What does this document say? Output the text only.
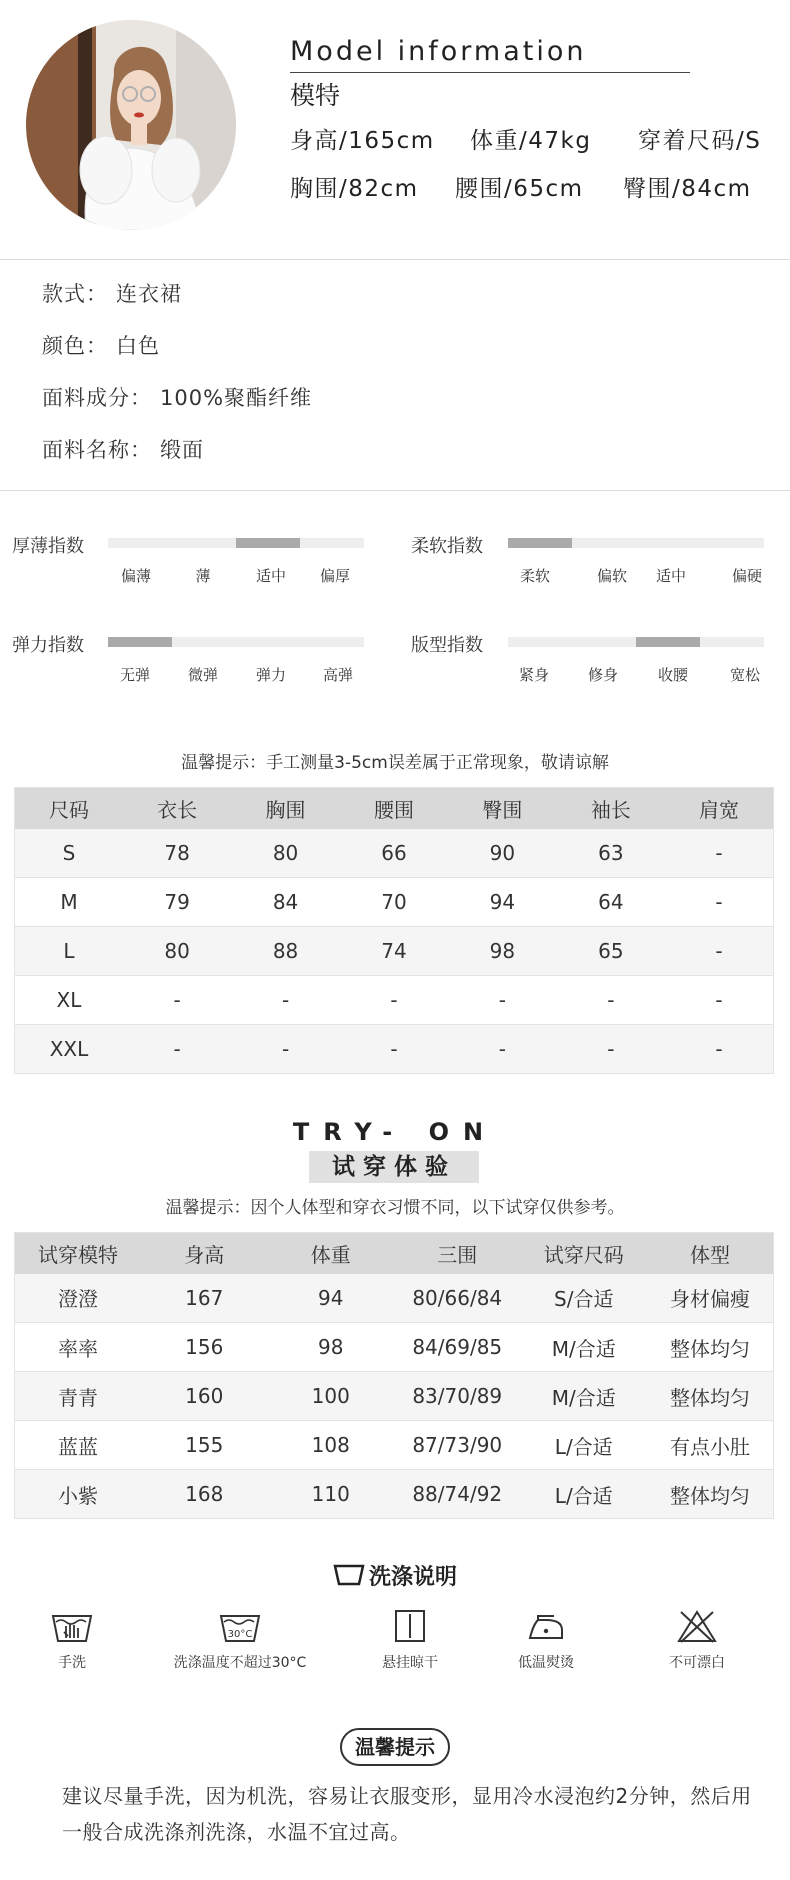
Model information
模特
身高/165cm 体重/47kg 穿着尺码/S
胸围/82cm 腰围/65cm 臀围/84cm
款式： 连衣裙
颜色： 白色
面料成分： 100%聚酯纤维
面料名称： 缎面
厚薄指数
偏薄	薄	适中	偏厚
柔软指数
柔软	偏软	适中	偏硬
弹力指数
无弹	微弹	弹力	高弹
版型指数
紧身	修身	收腰	宽松
温馨提示：手工测量3-5cm误差属于正常现象，敬请谅解
尺码	衣长	胸围	腰围	臀围	袖长	肩宽
S	78	80	66	90	63	-
M	79	84	70	94	64	-
L	80	88	74	98	65	-
XL	-	-	-	-	-	-
XXL	-	-	-	-	-	-
TRY- ON
试穿体验
温馨提示：因个人体型和穿衣习惯不同，以下试穿仅供参考。
试穿模特	身高	体重	三围	试穿尺码	体型
澄澄	167	94	80/66/84	S/合适	身材偏瘦
率率	156	98	84/69/85	M/合适	整体均匀
青青	160	100	83/70/89	M/合适	整体均匀
蓝蓝	155	108	87/73/90	L/合适	有点小肚
小紫	168	110	88/74/92	L/合适	整体均匀
洗涤说明
手洗
30°C
洗涤温度不超过30°C	悬挂晾干	低温熨烫	不可漂白
温馨提示
建议尽量手洗，因为机洗，容易让衣服变形，显用冷水浸泡约2分钟，然后用一般合成洗涤剂洗涤，水温不宜过高。
